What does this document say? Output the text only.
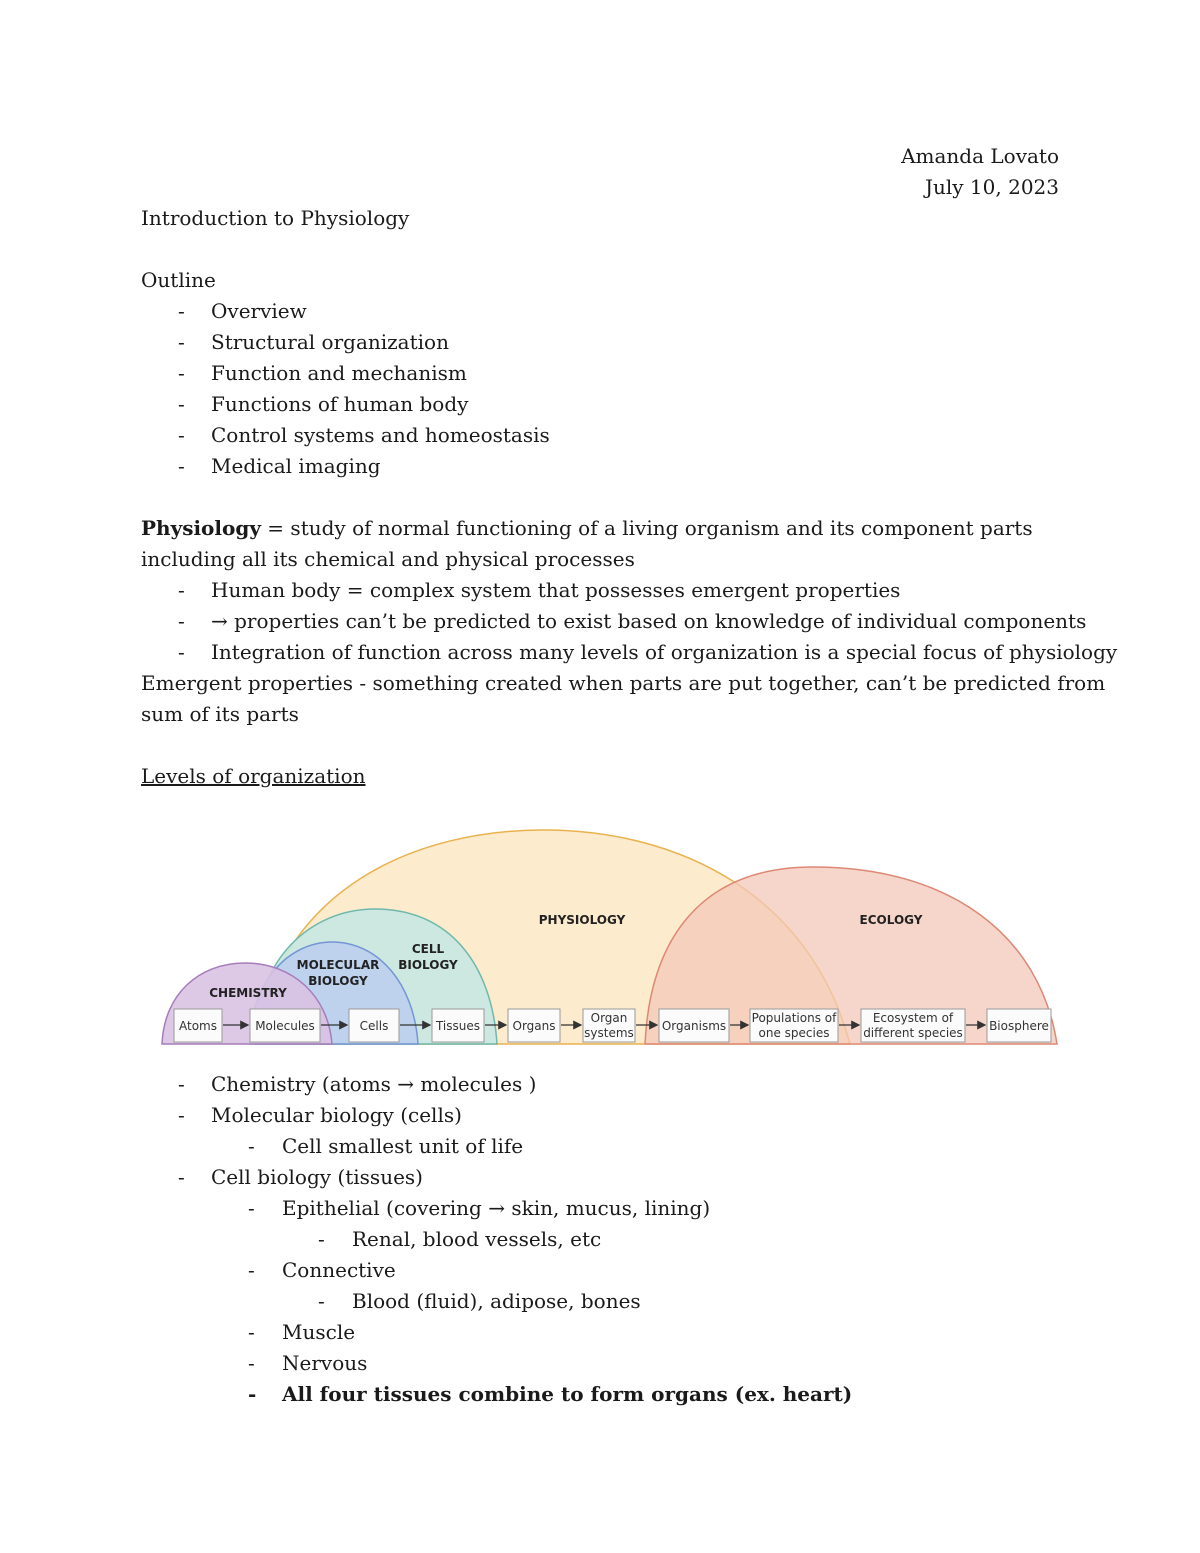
Amanda Lovato
July 10, 2023
Introduction to Physiology
Outline
- Overview
- Structural organization
- Function and mechanism
- Functions of human body
- Control systems and homeostasis
- Medical imaging
Physiology = study of normal functioning of a living organism and its component parts including all its chemical and physical processes
- Human body = complex system that possesses emergent properties
- → properties can’t be predicted to exist based on knowledge of individual components
- Integration of function across many levels of organization is a special focus of physiology
Emergent properties - something created when parts are put together, can’t be predicted from
sum of its parts
Levels of organization
CHEMISTRY
MOLECULAR
BIOLOGY
CELL
BIOLOGY
PHYSIOLOGY	ECOLOGY
Atoms	Molecules	Cells	Tissues	Organs
Organ
systems Organisms
Populations of
one species
Ecosystem of
different species Biosphere
- Chemistry (atoms → molecules )
- Molecular biology (cells)
- Cell smallest unit of life
- Cell biology (tissues)
- Epithelial (covering → skin, mucus, lining)
- Renal, blood vessels, etc
- Connective
- Blood (fluid), adipose, bones
- Muscle
- Nervous
- All four tissues combine to form organs (ex. heart)
